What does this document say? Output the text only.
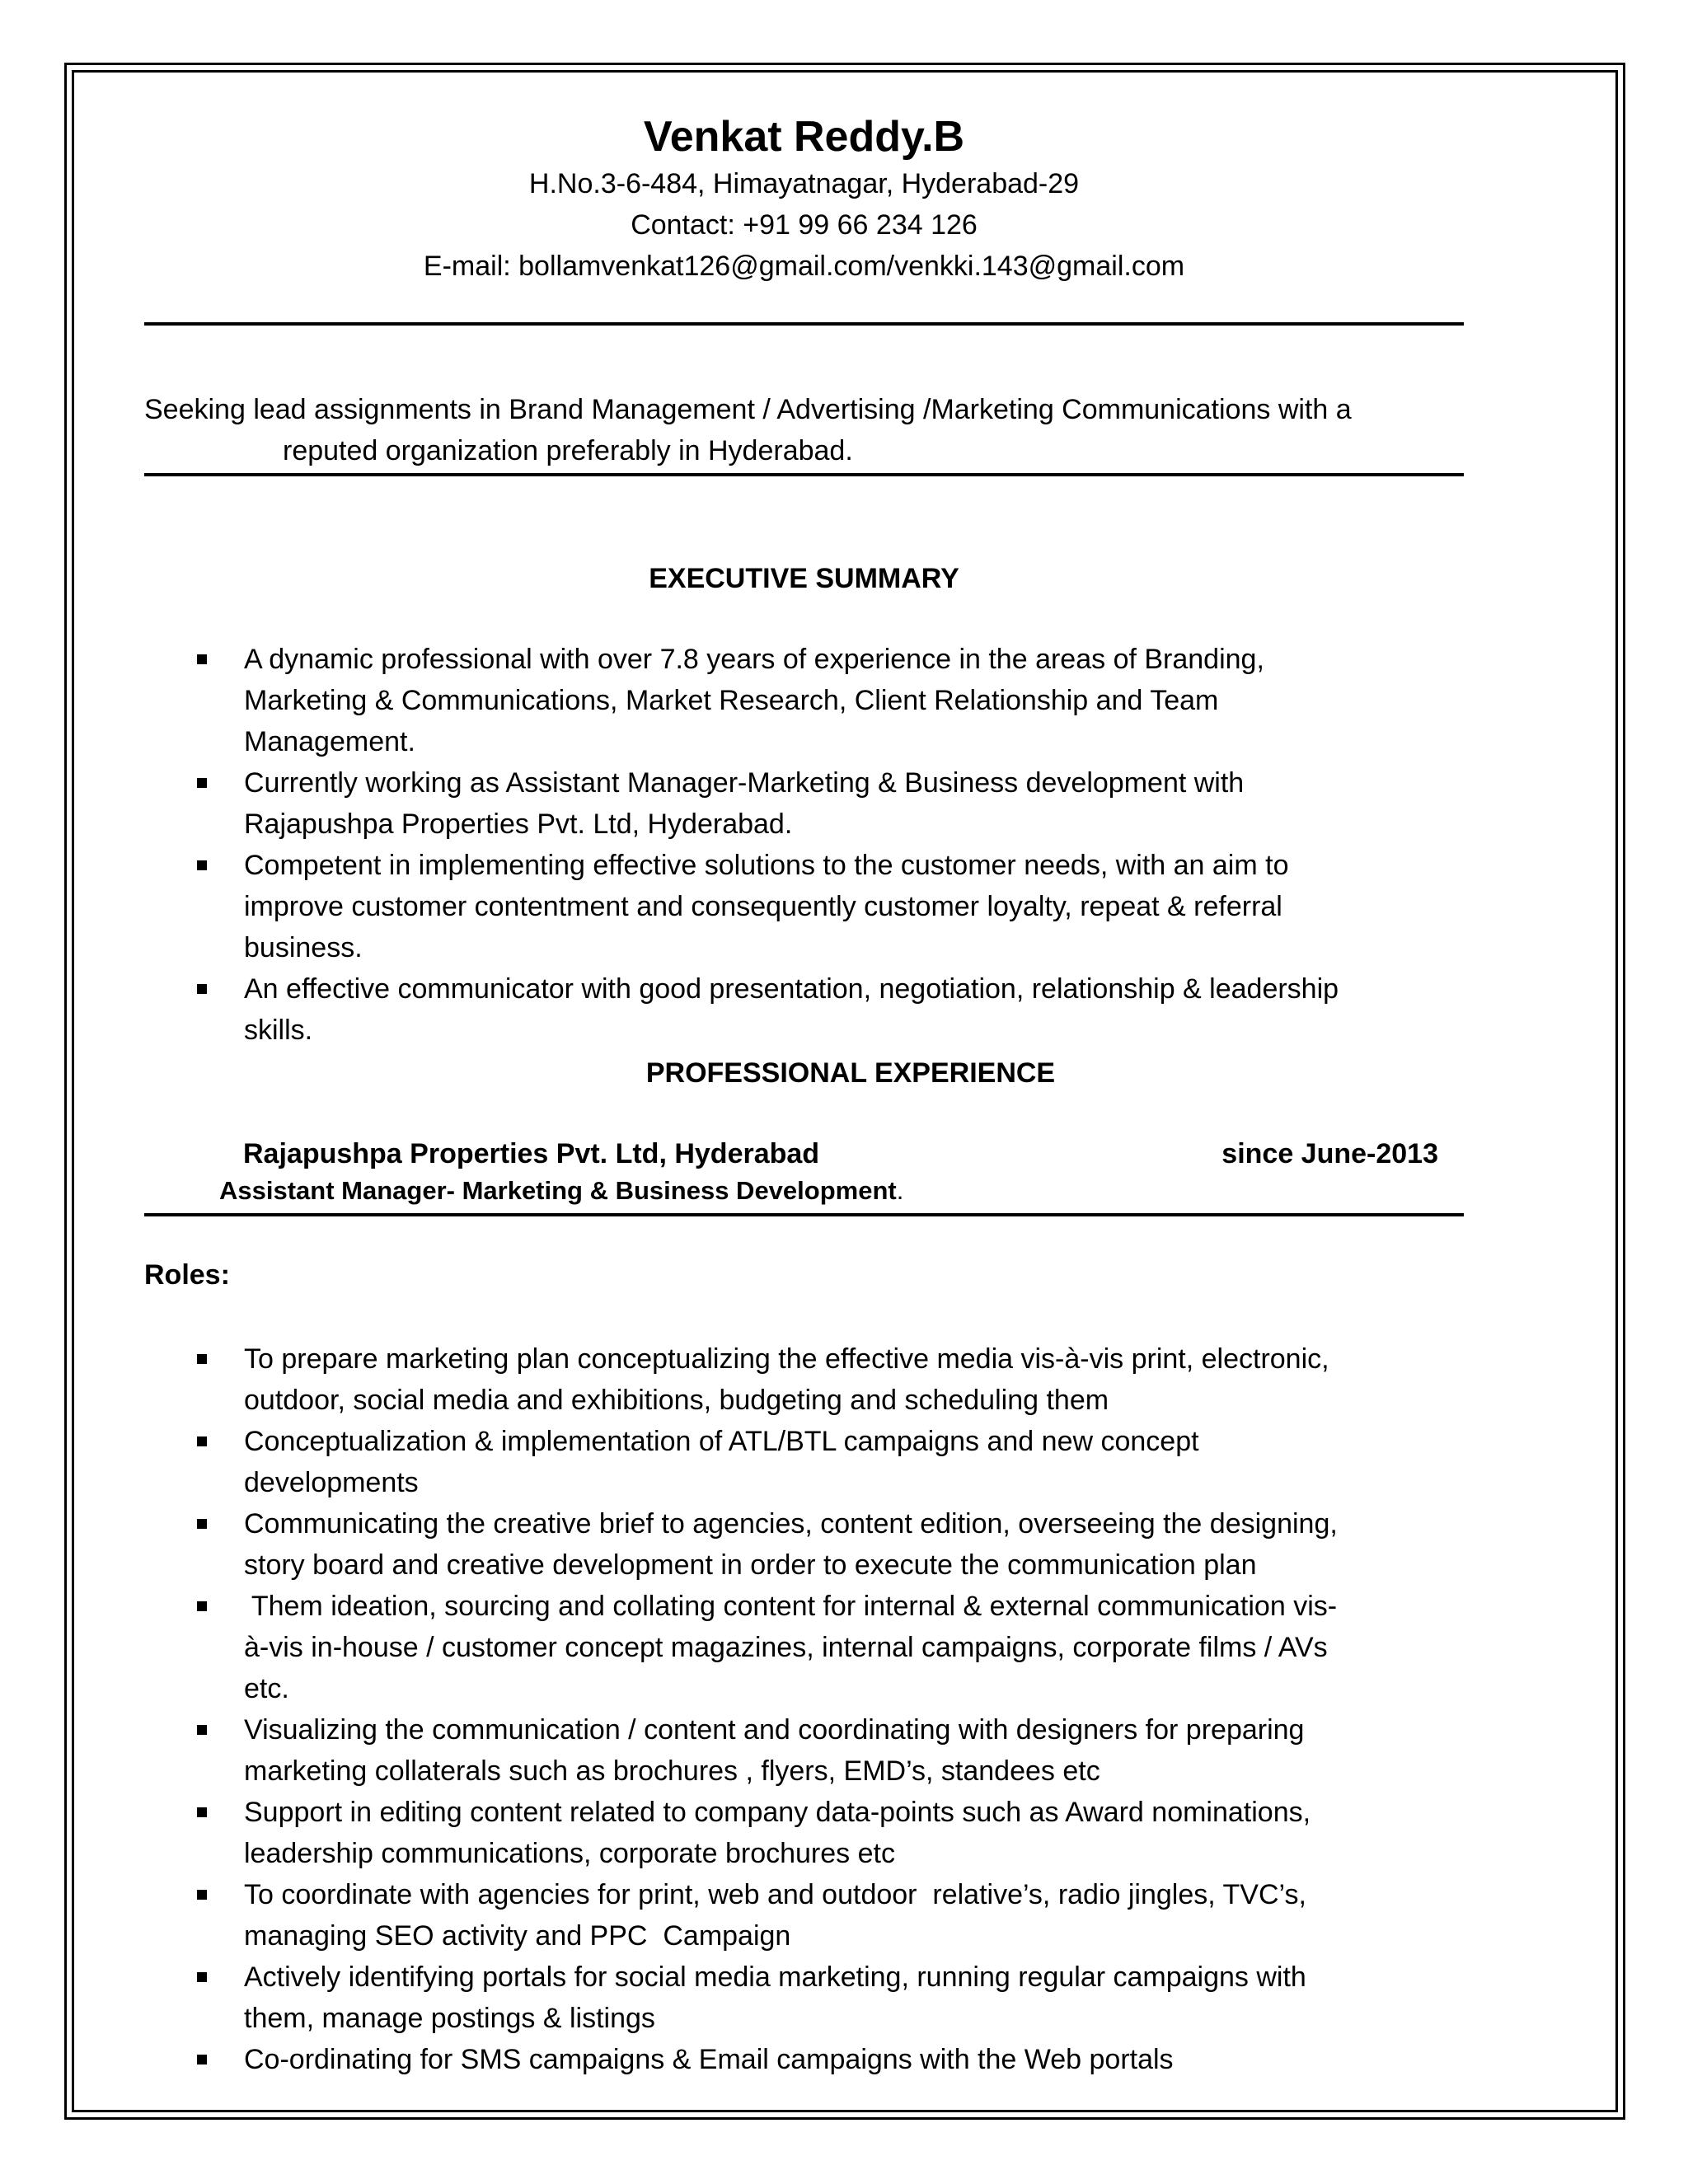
Venkat Reddy.B
H.No.3-6-484, Himayatnagar, Hyderabad-29
Contact: +91 99 66 234 126
E-mail: bollamvenkat126@gmail.com/venkki.143@gmail.com
Seeking lead assignments in Brand Management / Advertising /Marketing Communications with a
reputed organization preferably in Hyderabad.
EXECUTIVE SUMMARY
A dynamic professional with over 7.8 years of experience in the areas of Branding,
Marketing & Communications, Market Research, Client Relationship and Team
Management.
Currently working as Assistant Manager-Marketing & Business development with
Rajapushpa Properties Pvt. Ltd, Hyderabad.
Competent in implementing effective solutions to the customer needs, with an aim to
improve customer contentment and consequently customer loyalty, repeat & referral
business.
An effective communicator with good presentation, negotiation, relationship & leadership
skills.
PROFESSIONAL EXPERIENCE
Rajapushpa Properties Pvt. Ltd, Hyderabad	since June-2013
Assistant Manager- Marketing & Business Development.
Roles:
To prepare marketing plan conceptualizing the effective media vis-à-vis print, electronic,
outdoor, social media and exhibitions, budgeting and scheduling them
Conceptualization & implementation of ATL/BTL campaigns and new concept
developments
Communicating the creative brief to agencies, content edition, overseeing the designing,
story board and creative development in order to execute the communication plan
Them ideation, sourcing and collating content for internal & external communication vis-
à-vis in-house / customer concept magazines, internal campaigns, corporate films / AVs
etc.
Visualizing the communication / content and coordinating with designers for preparing
marketing collaterals such as brochures , flyers, EMD’s, standees etc
Support in editing content related to company data-points such as Award nominations,
leadership communications, corporate brochures etc
To coordinate with agencies for print, web and outdoor  relative’s, radio jingles, TVC’s,
managing SEO activity and PPC  Campaign
Actively identifying portals for social media marketing, running regular campaigns with
them, manage postings & listings
Co-ordinating for SMS campaigns & Email campaigns with the Web portals
